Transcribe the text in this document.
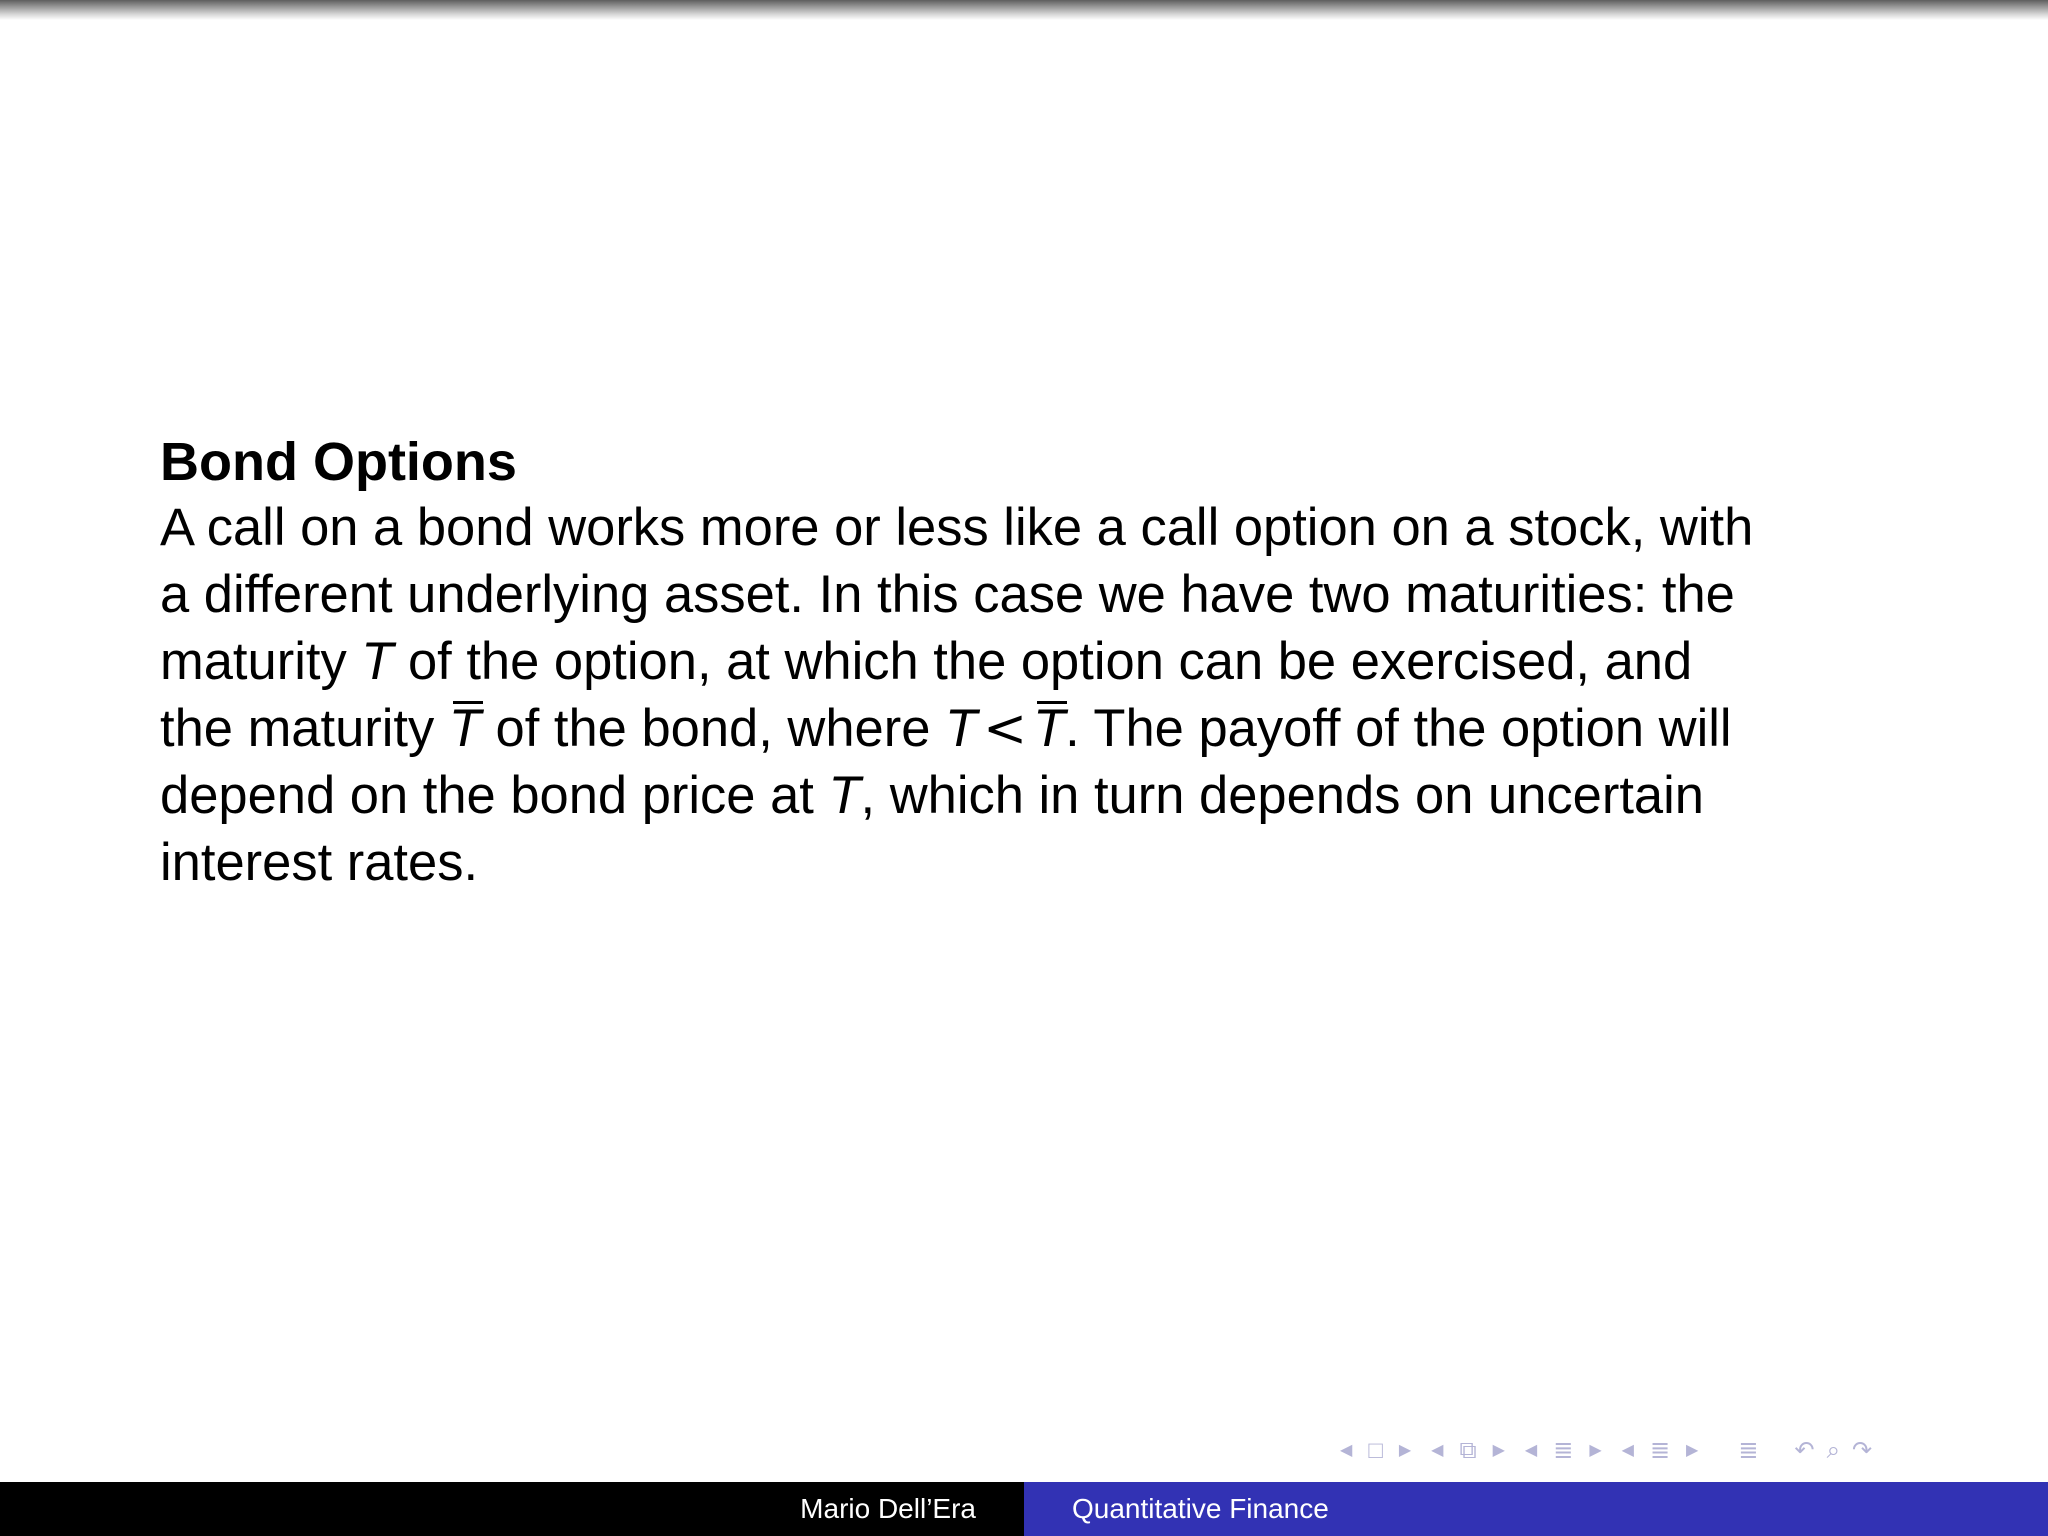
Bond Options

A call on a bond works more or less like a call option on a stock, with
a different underlying asset. In this case we have two maturities: the
maturity T of the option, at which the option can be exercised, and
the maturity T of the bond, where T < T. The payoff of the option will
depend on the bond price at T, which in turn depends on uncertain
interest rates.

◀ □ ▶ ◀ ⧉ ▶ ◀ ≣ ▶ ◀ ≣ ▶ ≣ ↶ ⌕ ↷
Mario Dell’Era	Quantitative Finance
